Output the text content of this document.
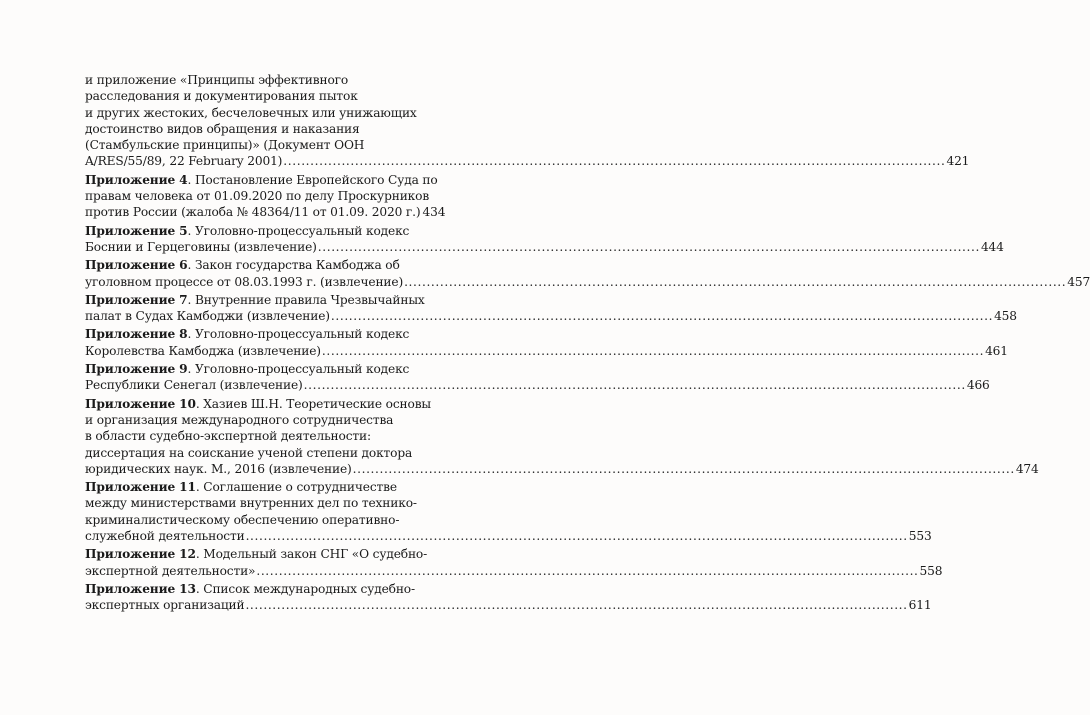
и приложение «Принципы эффективного
расследования и документирования пыток
и других жестоких, бесчеловечных или унижающих
достоинство видов обращения и наказания
(Стамбульские принципы)» (Документ ООН
A/RES/55/89, 22 February 2001) .....	421
Приложение 4. Постановление Европейского Суда по
правам человека от 01.09.2020 по делу Проскурников
против России (жалоба № 48364/11 от 01.09. 2020 г.) 434
Приложение 5. Уголовно-процессуальный кодекс
Боснии и Герцеговины (извлечение) .....	444
Приложение 6. Закон государства Камбоджа об
уголовном процессе от 08.03.1993 г. (извлечение) .....	457
Приложение 7. Внутренние правила Чрезвычайных
палат в Судах Камбоджи (извлечение) .....	458
Приложение 8. Уголовно-процессуальный кодекс
Королевства Камбоджа (извлечение) .....	461
Приложение 9. Уголовно-процессуальный кодекс
Республики Сенегал (извлечение) .....	466
Приложение 10. Хазиев Ш.Н. Теоретические основы
и организация международного сотрудничества
в области судебно-экспертной деятельности:
диссертация на соискание ученой степени доктора
юридических наук. М., 2016 (извлечение) .....	474
Приложение 11. Соглашение о сотрудничестве
между министерствами внутренних дел по технико-
криминалистическому обеспечению оперативно-
служебной деятельности .....	553
Приложение 12. Модельный закон СНГ «О судебно-
экспертной деятельности» .....	558
Приложение 13. Список международных судебно-
экспертных организаций .....	611
